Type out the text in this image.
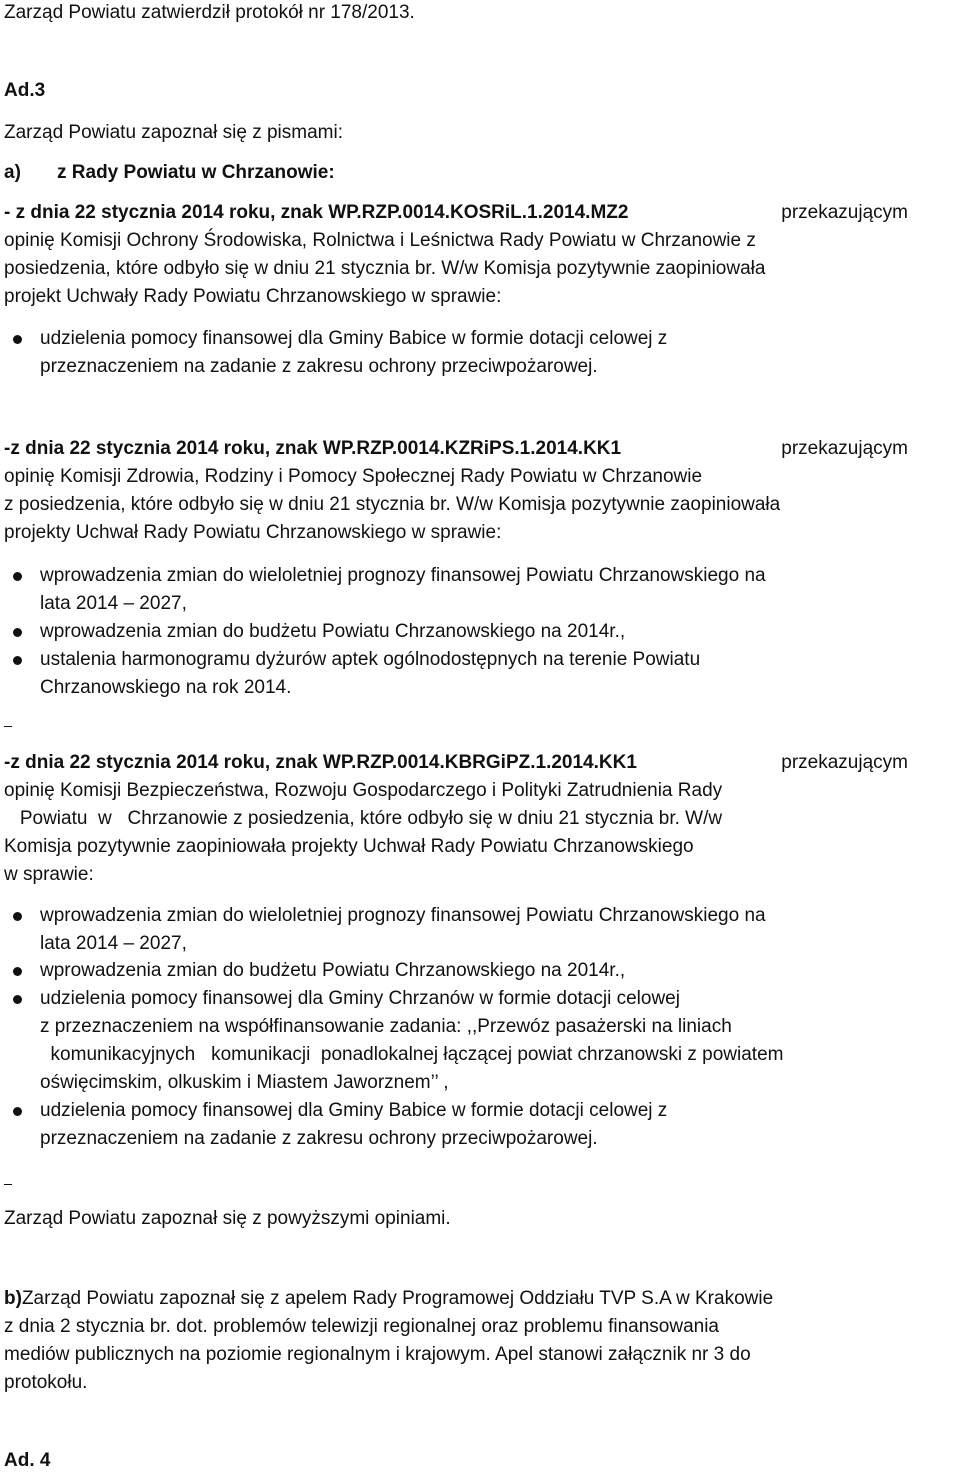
Zarząd Powiatu zatwierdził protokół nr 178/2013.
Ad.3
Zarząd Powiatu zapoznał się z pismami:
a) z Rady Powiatu w Chrzanowie:
- z dnia 22 stycznia 2014 roku, znak WP.RZP.0014.KOSRiL.1.2014.MZ2	przekazującym
opinię Komisji Ochrony Środowiska, Rolnictwa i Leśnictwa Rady Powiatu w Chrzanowie z
posiedzenia, które odbyło się w dniu 21 stycznia br. W/w Komisja pozytywnie zaopiniowała
projekt Uchwały Rady Powiatu Chrzanowskiego w sprawie:
udzielenia pomocy finansowej dla Gminy Babice w formie dotacji celowej z
przeznaczeniem na zadanie z zakresu ochrony przeciwpożarowej.
-z dnia 22 stycznia 2014 roku, znak WP.RZP.0014.KZRiPS.1.2014.KK1	przekazującym
opinię Komisji Zdrowia, Rodziny i Pomocy Społecznej Rady Powiatu w Chrzanowie
z posiedzenia, które odbyło się w dniu 21 stycznia br. W/w Komisja pozytywnie zaopiniowała
projekty Uchwał Rady Powiatu Chrzanowskiego w sprawie:
wprowadzenia zmian do wieloletniej prognozy finansowej Powiatu Chrzanowskiego na
lata 2014 – 2027,
wprowadzenia zmian do budżetu Powiatu Chrzanowskiego na 2014r.,
ustalenia harmonogramu dyżurów aptek ogólnodostępnych na terenie Powiatu
Chrzanowskiego na rok 2014.
-z dnia 22 stycznia 2014 roku, znak WP.RZP.0014.KBRGiPZ.1.2014.KK1	przekazującym
opinię Komisji Bezpieczeństwa, Rozwoju Gospodarczego i Polityki Zatrudnienia Rady
Powiatu  w   Chrzanowie z posiedzenia, które odbyło się w dniu 21 stycznia br. W/w
Komisja pozytywnie zaopiniowała projekty Uchwał Rady Powiatu Chrzanowskiego
w sprawie:
wprowadzenia zmian do wieloletniej prognozy finansowej Powiatu Chrzanowskiego na
lata 2014 – 2027,
wprowadzenia zmian do budżetu Powiatu Chrzanowskiego na 2014r.,
udzielenia pomocy finansowej dla Gminy Chrzanów w formie dotacji celowej
z przeznaczeniem na współfinansowanie zadania: ,,Przewóz pasażerski na liniach
komunikacyjnych   komunikacji  ponadlokalnej łączącej powiat chrzanowski z powiatem
oświęcimskim, olkuskim i Miastem Jaworznem’’ ,
udzielenia pomocy finansowej dla Gminy Babice w formie dotacji celowej z
przeznaczeniem na zadanie z zakresu ochrony przeciwpożarowej.
Zarząd Powiatu zapoznał się z powyższymi opiniami.
b)Zarząd Powiatu zapoznał się z apelem Rady Programowej Oddziału TVP S.A w Krakowie
z dnia 2 stycznia br. dot. problemów telewizji regionalnej oraz problemu finansowania
mediów publicznych na poziomie regionalnym i krajowym. Apel stanowi załącznik nr 3 do
protokołu.
Ad. 4
